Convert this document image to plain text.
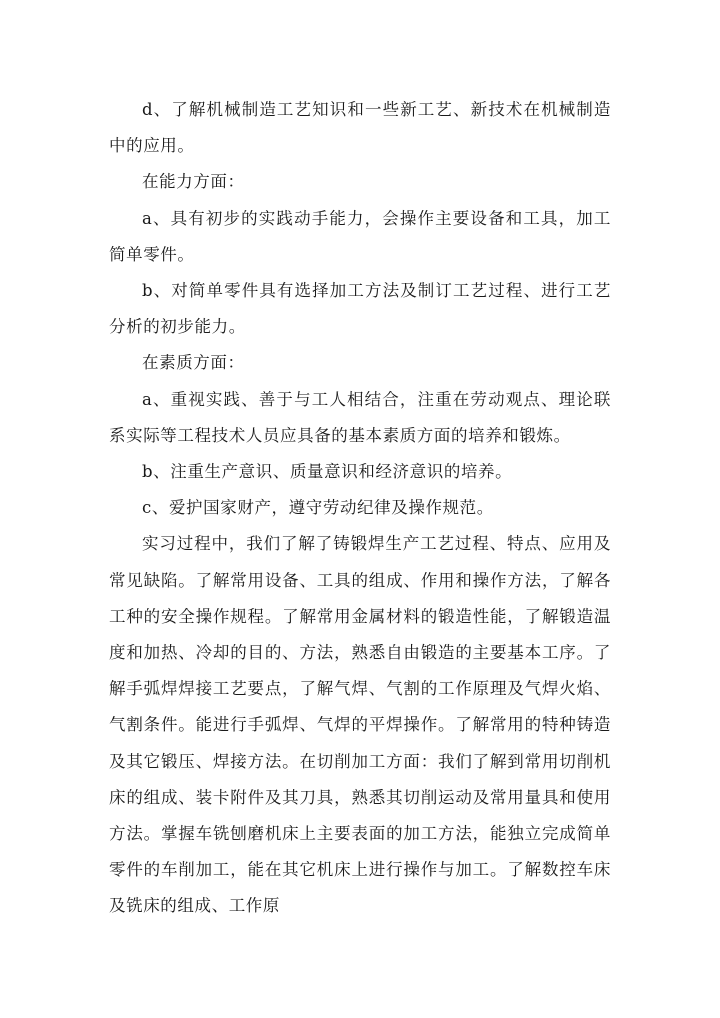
d、了解机械制造工艺知识和一些新工艺、新技术在机械制造中的应用。

在能力方面：

a、具有初步的实践动手能力，会操作主要设备和工具，加工简单零件。

b、对简单零件具有选择加工方法及制订工艺过程、进行工艺分析的初步能力。

在素质方面：

a、重视实践、善于与工人相结合，注重在劳动观点、理论联系实际等工程技术人员应具备的基本素质方面的培养和锻炼。

b、注重生产意识、质量意识和经济意识的培养。

c、爱护国家财产，遵守劳动纪律及操作规范。

实习过程中，我们了解了铸锻焊生产工艺过程、特点、应用及常见缺陷。了解常用设备、工具的组成、作用和操作方法，了解各工种的安全操作规程。了解常用金属材料的锻造性能，了解锻造温度和加热、冷却的目的、方法，熟悉自由锻造的主要基本工序。了解手弧焊焊接工艺要点，了解气焊、气割的工作原理及气焊火焰、气割条件。能进行手弧焊、气焊的平焊操作。了解常用的特种铸造及其它锻压、焊接方法。在切削加工方面：我们了解到常用切削机床的组成、装卡附件及其刀具，熟悉其切削运动及常用量具和使用方法。掌握车铣刨磨机床上主要表面的加工方法，能独立完成简单零件的车削加工，能在其它机床上进行操作与加工。了解数控车床及铣床的组成、工作原
